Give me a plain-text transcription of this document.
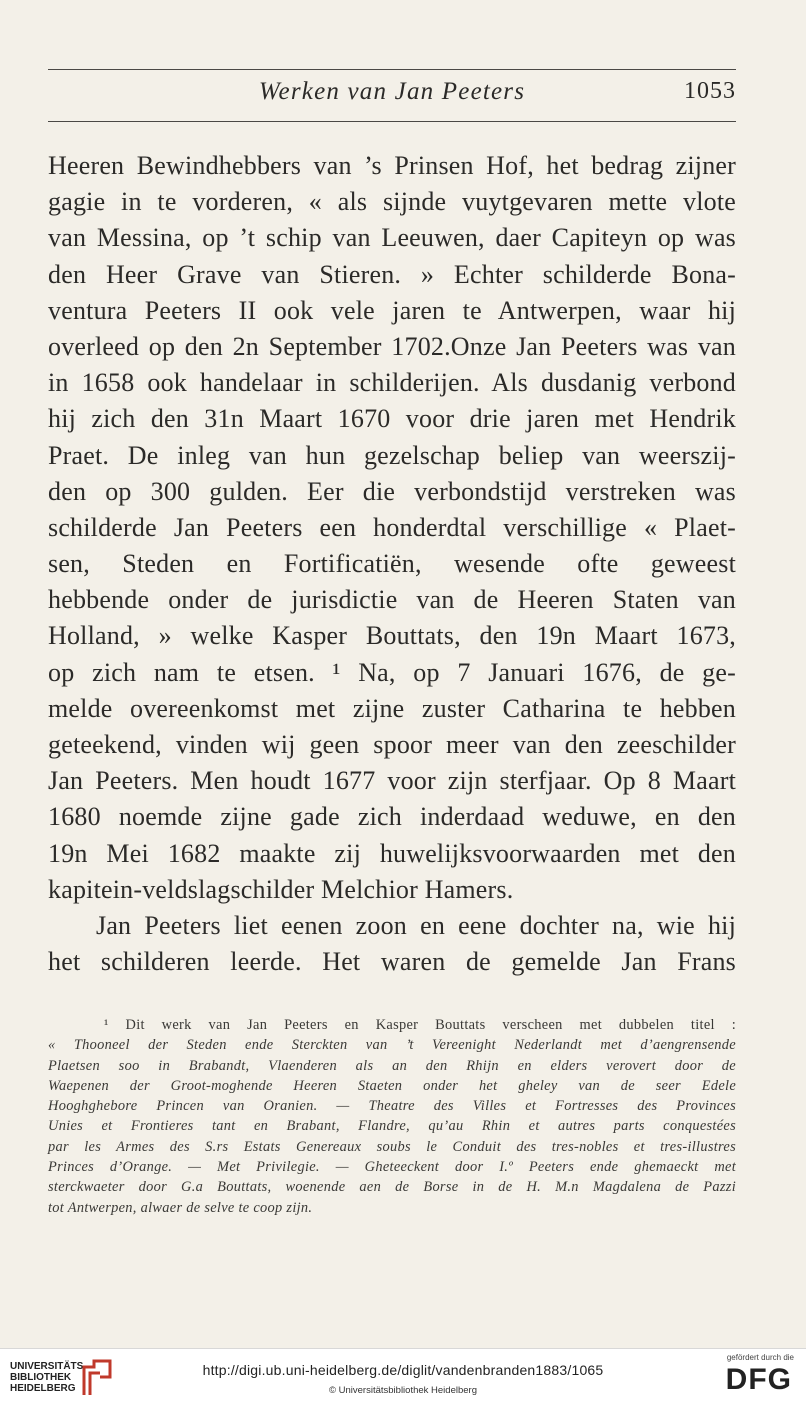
Werken van Jan Peeters	1053
Heeren Bewindhebbers van ’s Prinsen Hof, het bedrag zijner
gagie in te vorderen, « als sijnde vuytgevaren mette vlote
van Messina, op ’t schip van Leeuwen, daer Capiteyn op was
den Heer Grave van Stieren. » Echter schilderde Bona-
ventura Peeters II ook vele jaren te Antwerpen, waar hij
overleed op den 2n September 1702.Onze Jan Peeters was van
in 1658 ook handelaar in schilderijen. Als dusdanig verbond
hij zich den 31n Maart 1670 voor drie jaren met Hendrik
Praet. De inleg van hun gezelschap beliep van weerszij-
den op 300 gulden. Eer die verbondstijd verstreken was
schilderde Jan Peeters een honderdtal verschillige « Plaet-
sen, Steden en Fortificatiën, wesende ofte geweest
hebbende onder de jurisdictie van de Heeren Staten van
Holland, » welke Kasper Bouttats, den 19n Maart 1673,
op zich nam te etsen. ¹ Na, op 7 Januari 1676, de ge-
melde overeenkomst met zijne zuster Catharina te hebben
geteekend, vinden wij geen spoor meer van den zeeschilder
Jan Peeters. Men houdt 1677 voor zijn sterfjaar. Op 8 Maart
1680 noemde zijne gade zich inderdaad weduwe, en den
19n Mei 1682 maakte zij huwelijksvoorwaarden met den
kapitein-veldslagschilder Melchior Hamers.
Jan Peeters liet eenen zoon en eene dochter na, wie hij
het schilderen leerde. Het waren de gemelde Jan Frans
¹ Dit werk van Jan Peeters en Kasper Bouttats verscheen met dubbelen titel :
« Thooneel der Steden ende Sterckten van ’t Vereenight Nederlandt met d’aengrensende
Plaetsen soo in Brabandt, Vlaenderen als an den Rhijn en elders verovert door de
Waepenen der Groot-moghende Heeren Staeten onder het gheley van de seer Edele
Hooghghebore Princen van Oranien. — Theatre des Villes et Fortresses des Provinces
Unies et Frontieres tant en Brabant, Flandre, qu’au Rhin et autres parts conquestées
par les Armes des S.rs Estats Genereaux soubs le Conduit des tres-nobles et tres-illustres
Princes d’Orange. — Met Privilegie. — Gheteeckent door I.º Peeters ende ghemaeckt met
sterckwaeter door G.a Bouttats, woenende aen de Borse in de H. M.n Magdalena de Pazzi
tot Antwerpen, alwaer de selve te coop zijn.
UNIVERSITÄTS-
BIBLIOTHEK
HEIDELBERG
http://digi.ub.uni-heidelberg.de/diglit/vandenbranden1883/1065
© Universitätsbibliothek Heidelberg
gefördert durch die
DFG
